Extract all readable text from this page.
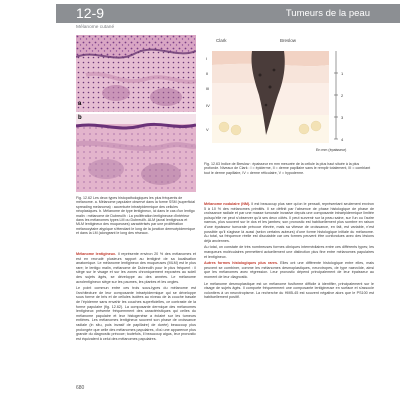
12-9	Tumeurs de la peau
Mélanome cutané
a
b
Fig. 12.62 Les deux types histopathologiques les plus fréquents de mélanome. a. Mélanome papulaire observé dans la forme SSM (superficial spreading melanoma) : accentuée intraépidermique des cellules néoplasiques. b. Mélanome de type lentigineux, ici dans le cas d'un lentigo malin : mélanome de Dubreuilh : La prolifération lentigineuse d'intérieur dans les mélanomes types LM ou Dubreuilh. ALM (acral lentiginous et MLM lentigineux des muqueuses) caractérisés par une prolifération mélanocytaire atypique s'étendant le long de la jonction dermoépidermique et dans la LM (alongeant le long des réseaux.
Clark	Breslow
I
II
III
IV
V
1
2
3
4
En mm (épaisseur)
Fig. 12.63 Indice de Breslow : épaisseur en mm mesurée de la cellule la plus haut située à la plus profonde. Niveaux de Clark : I = épiderme, II = derme papillaire sans le remplir totalement, III = comblant tout le derme papillaire, IV = derme réticulaire, V = hypoderme.
Mélanome lentigineux. Il représente environ 20 % des mélanomes et est en recrudé plusieurs rapport au lentiginé de sa localisation anatomique. Le mélanome lentigineux des muqueuses (MLM) est le plus rare; le lentigo malin, mélanome de Dubreuilh pour le plus fréquent : il siège sur le visage et sur les zones chroniquement exposées au soleil des sujets âgés, se développe au des années. Le mélanome acrolentigineux siège sur les paumes, les plantes et les ongles.
Le point commun entre ces trois sous-types du mélanome est l'architecture de leur composante intraépidermique qui se développe sous forme de bris et de cellules isolées au niveau de la couche basale de l'épiderme sans envahir les couches superficielles, ce contraste de la forme papulaire (fig. 12.62). La composante dermique des mélanomes lentigineux présente fréquemment des caractéristiques qui celles du mélanome papulaire et leur histogenèse a éclairé sur les tumeurs entières. Les mélanomes lentigineux souvent son phase de croissance radiale (in situ, puis invasif de papillaire) de durée) beaucoup plus prolongée que celle des mélanomes papulaires, d'où une apparence plus grande du diagnostic précoce; toutefois, il beaucoup aigus, leur pronostic est équivalent à celui des mélanomes papulaires.
Mélanome nodulaire (NM). Il est beaucoup plus rare qu'on le pensait, représentant seulement environ 5 à 10 % des mélanomes primitifs. Il se définit par l'absence de phase histologique de phase de croissance radiale et par une masse tumorale invasive depuis une composante intraépidermique limitée puisqu'elle ne peut s'observer qu'à ses deux côtés. Il peut survenir sur la peau saine, sur l'un ou l'autre naevus, plus souvent sur le dos et les jambes; son pronostic est habituellement plus sombre en raison d'une épaisseur tumorale précoce élevée, mais sa vitesse de croissance, en fait, est variable, n'est possible qu'il s'agisse là aussi (selon certains auteurs) d'une forme histologique initiale du mélanome. Au total, sa fréquence réelle est discutable car ces formes peuvent être confondues avec des lésions déjà anciennes.
Au total, on constate de très nombreuses formes cliniques intermédiaires entre ces différents types; les marqueurs moléculaires permettent actuellement une distinction plus fine entre mélanomes papulaires et lentigineux.
Autres formes histologiques plus rares. Elles ont une différente histologique entre elles, mais peuvent se combiner, comme les mélanomes desmoplastiques, neurotropes, de type naevoïde, ainsi que les mélanomes avec régression. Leur pronostic dépend principalement de leur épaisseur au moment de leur diagnostic.
Le mélanome desmoplastique est un mélanome fusiforme difficile à identifier, principalement sur le visage de sujets âgés. Il comporte fréquemment une composante lentigineuse en surface et s'associe volontiers à un neurotropisme. La recherche du HMB-45 est souvent négative alors que le PS100 est habituellement positif.
680
